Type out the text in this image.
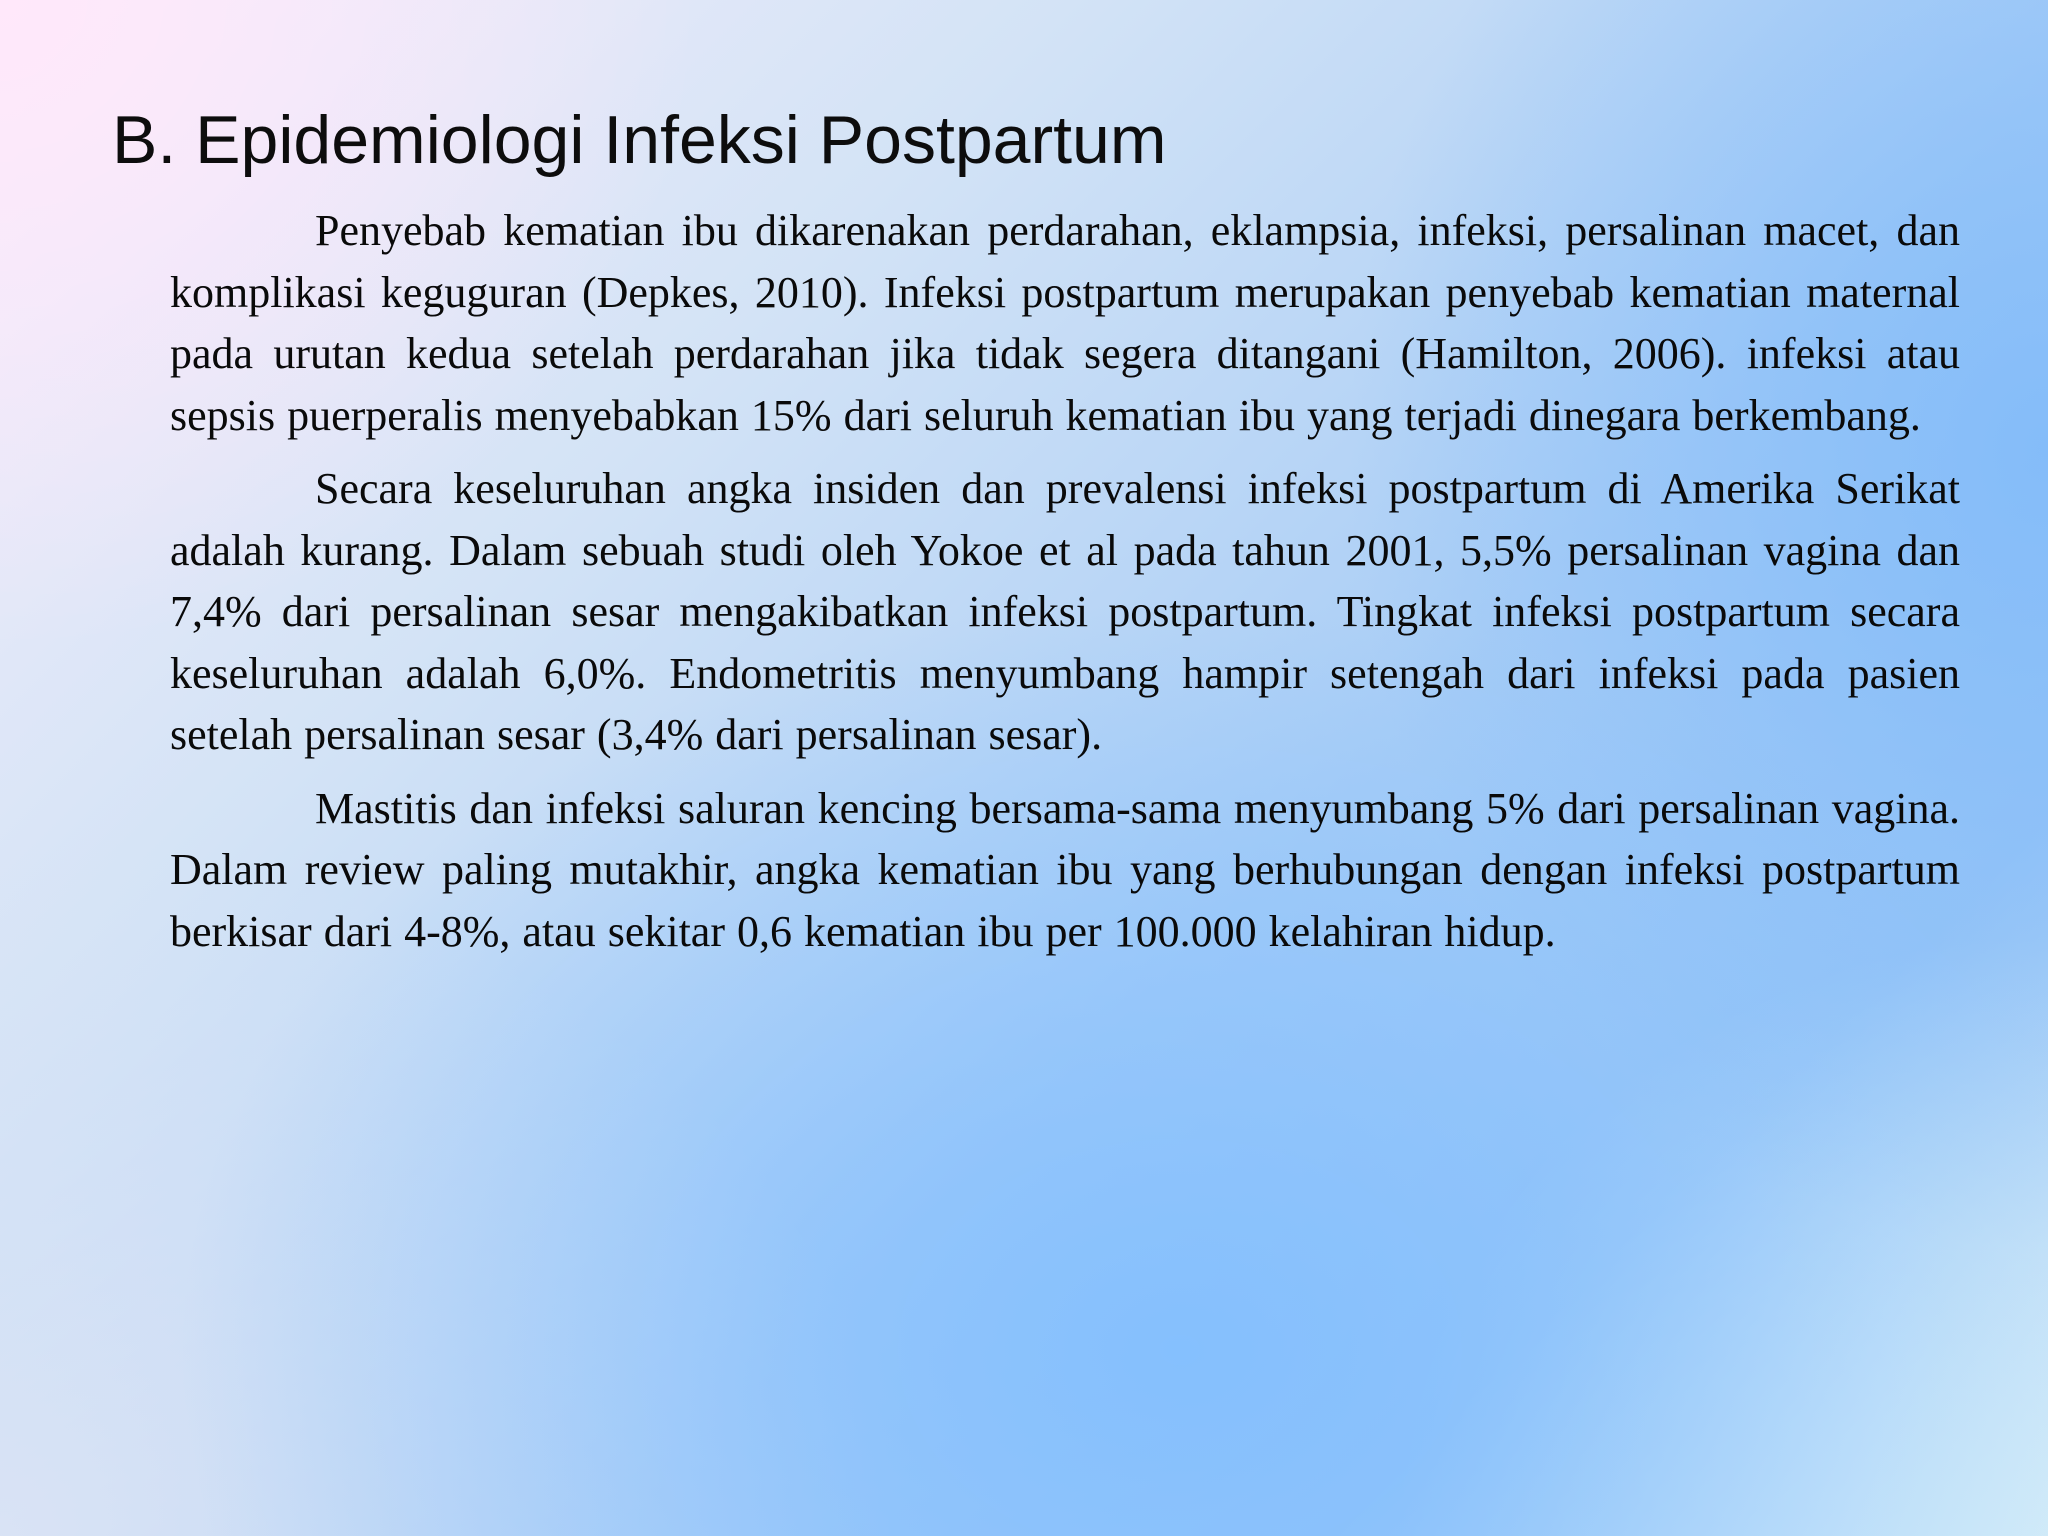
B. Epidemiologi Infeksi Postpartum

Penyebab kematian ibu dikarenakan perdarahan, eklampsia, infeksi, persalinan macet, dan komplikasi keguguran (Depkes, 2010). Infeksi postpartum merupakan penyebab kematian maternal pada urutan kedua setelah perdarahan jika tidak segera ditangani (Hamilton, 2006). infeksi atau sepsis puerperalis menyebabkan 15% dari seluruh kematian ibu yang terjadi dinegara berkembang.

Secara keseluruhan angka insiden dan prevalensi infeksi postpartum di Amerika Serikat adalah kurang. Dalam sebuah studi oleh Yokoe et al pada tahun 2001, 5,5% persalinan vagina dan 7,4% dari persalinan sesar mengakibatkan infeksi postpartum. Tingkat infeksi postpartum secara keseluruhan adalah 6,0%. Endometritis menyumbang hampir setengah dari infeksi pada pasien setelah persalinan sesar (3,4% dari persalinan sesar).

Mastitis dan infeksi saluran kencing bersama-sama menyumbang 5% dari persalinan vagina. Dalam review paling mutakhir, angka kematian ibu yang berhubungan dengan infeksi postpartum berkisar dari 4-8%, atau sekitar 0,6 kematian ibu per 100.000 kelahiran hidup.
